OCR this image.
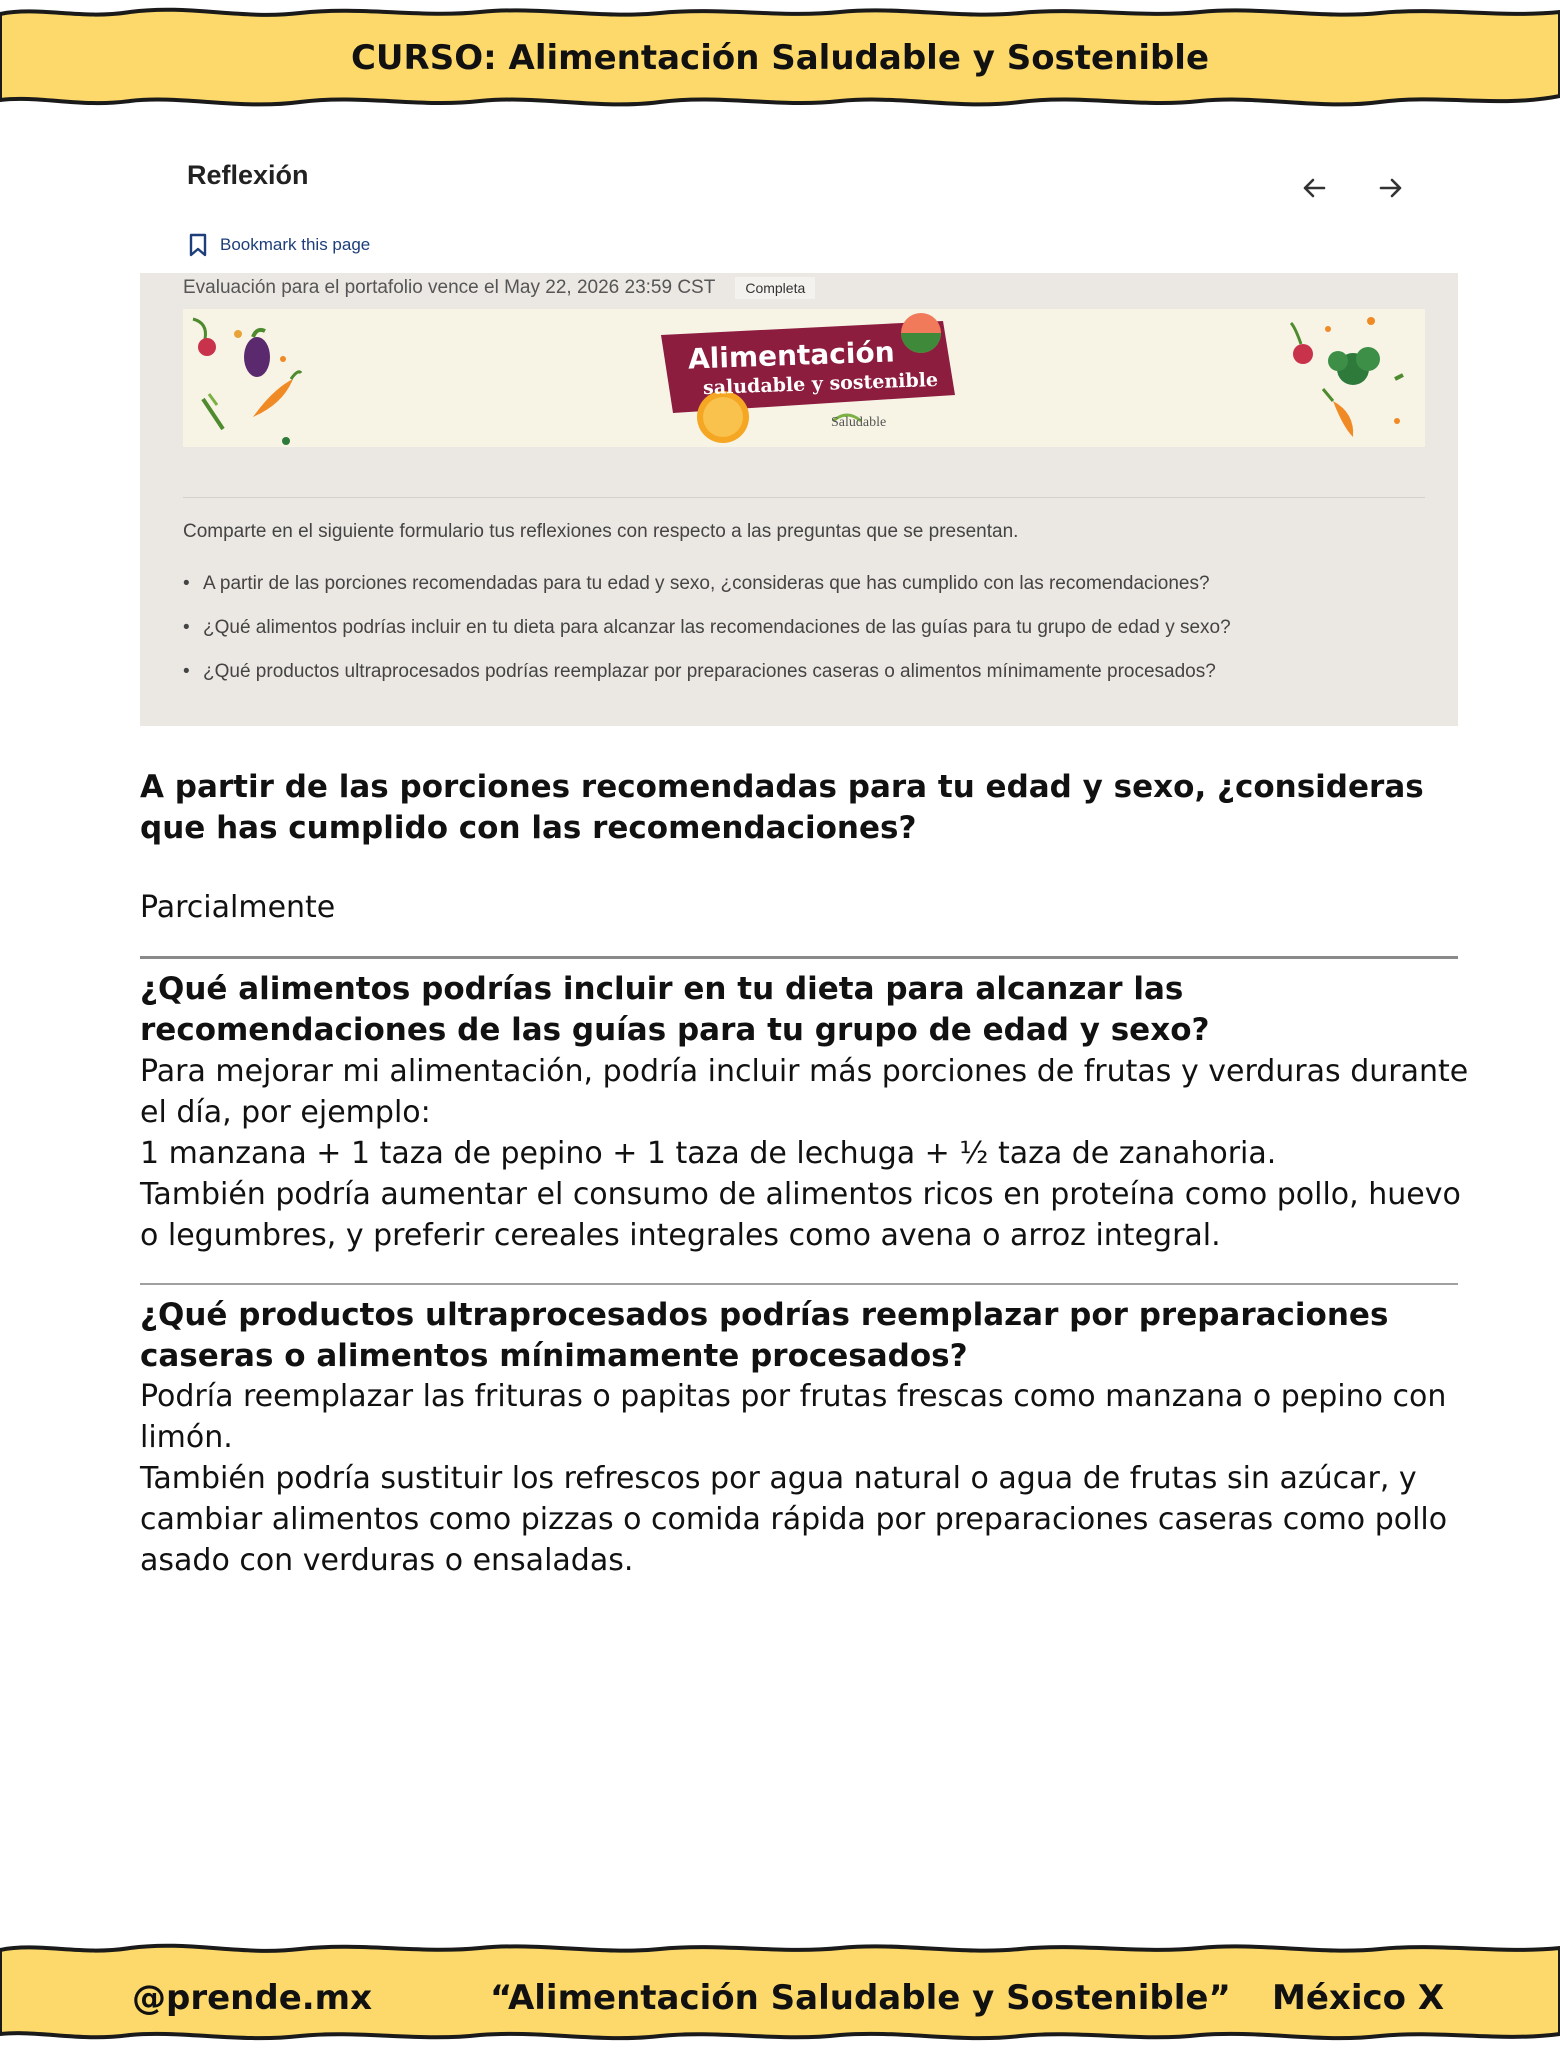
CURSO: Alimentación Saludable y Sostenible
Reflexión
Bookmark this page
Evaluación para el portafolio vence el May 22, 2026 23:59 CST	Completa
Alimentación
saludable y sostenible
Saludable
Comparte en el siguiente formulario tus reflexiones con respecto a las preguntas que se presentan.
• A partir de las porciones recomendadas para tu edad y sexo, ¿consideras que has cumplido con las recomendaciones?
• ¿Qué alimentos podrías incluir en tu dieta para alcanzar las recomendaciones de las guías para tu grupo de edad y sexo?
• ¿Qué productos ultraprocesados podrías reemplazar por preparaciones caseras o alimentos mínimamente procesados?
A partir de las porciones recomendadas para tu edad y sexo, ¿consideras que has cumplido con las recomendaciones?

Parcialmente

¿Qué alimentos podrías incluir en tu dieta para alcanzar las recomendaciones de las guías para tu grupo de edad y sexo?

Para mejorar mi alimentación, podría incluir más porciones de frutas y verduras durante el día, por ejemplo:

1 manzana + 1 taza de pepino + 1 taza de lechuga + ½ taza de zanahoria.

También podría aumentar el consumo de alimentos ricos en proteína como pollo, huevo o legumbres, y preferir cereales integrales como avena o arroz integral.

¿Qué productos ultraprocesados podrías reemplazar por preparaciones caseras o alimentos mínimamente procesados?

Podría reemplazar las frituras o papitas por frutas frescas como manzana o pepino con limón.

También podría sustituir los refrescos por agua natural o agua de frutas sin azúcar, y cambiar alimentos como pizzas o comida rápida por preparaciones caseras como pollo asado con verduras o ensaladas.

@prende.mx	“Alimentación Saludable y Sostenible” México X
